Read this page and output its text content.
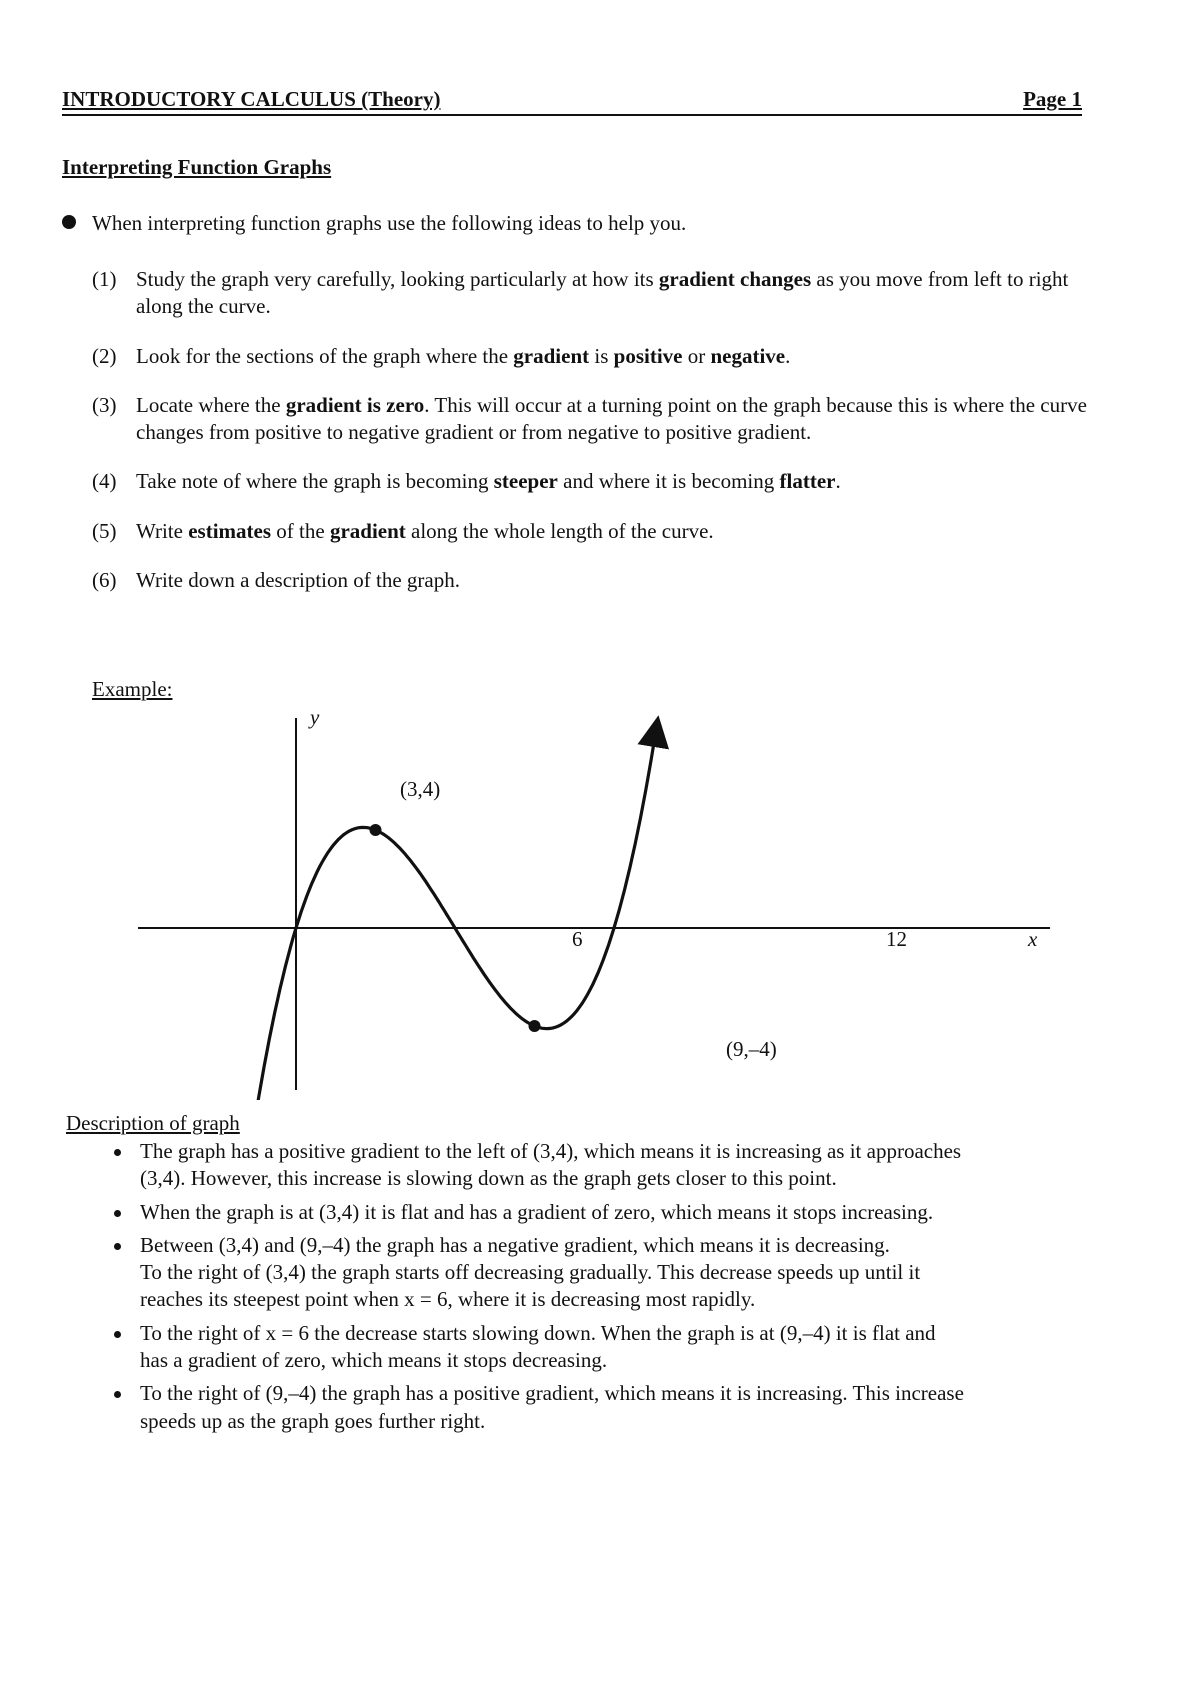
INTRODUCTORY CALCULUS (Theory)	Page 1
Interpreting Function Graphs
When interpreting function graphs use the following ideas to help you.
(1) Study the graph very carefully, looking particularly at how its gradient changes as you move from left to right along the curve.
(2) Look for the sections of the graph where the gradient is positive or negative.
(3) Locate where the gradient is zero. This will occur at a turning point on the graph because this is where the curve changes from positive to negative gradient or from negative to positive gradient.
(4) Take note of where the graph is becoming steeper and where it is becoming flatter.
(5) Write estimates of the gradient along the whole length of the curve.
(6) Write down a description of the graph.
Example:
y
x
6	12
(3,4)
(9,–4)
Description of graph
The graph has a positive gradient to the left of (3,4), which means it is increasing as it approaches
(3,4). However, this increase is slowing down as the graph gets closer to this point.
When the graph is at (3,4) it is flat and has a gradient of zero, which means it stops increasing.
Between (3,4) and (9,–4) the graph has a negative gradient, which means it is decreasing.
To the right of (3,4) the graph starts off decreasing gradually. This decrease speeds up until it
reaches its steepest point when x = 6, where it is decreasing most rapidly.
To the right of x = 6 the decrease starts slowing down. When the graph is at (9,–4) it is flat and
has a gradient of zero, which means it stops decreasing.
To the right of (9,–4) the graph has a positive gradient, which means it is increasing. This increase
speeds up as the graph goes further right.
